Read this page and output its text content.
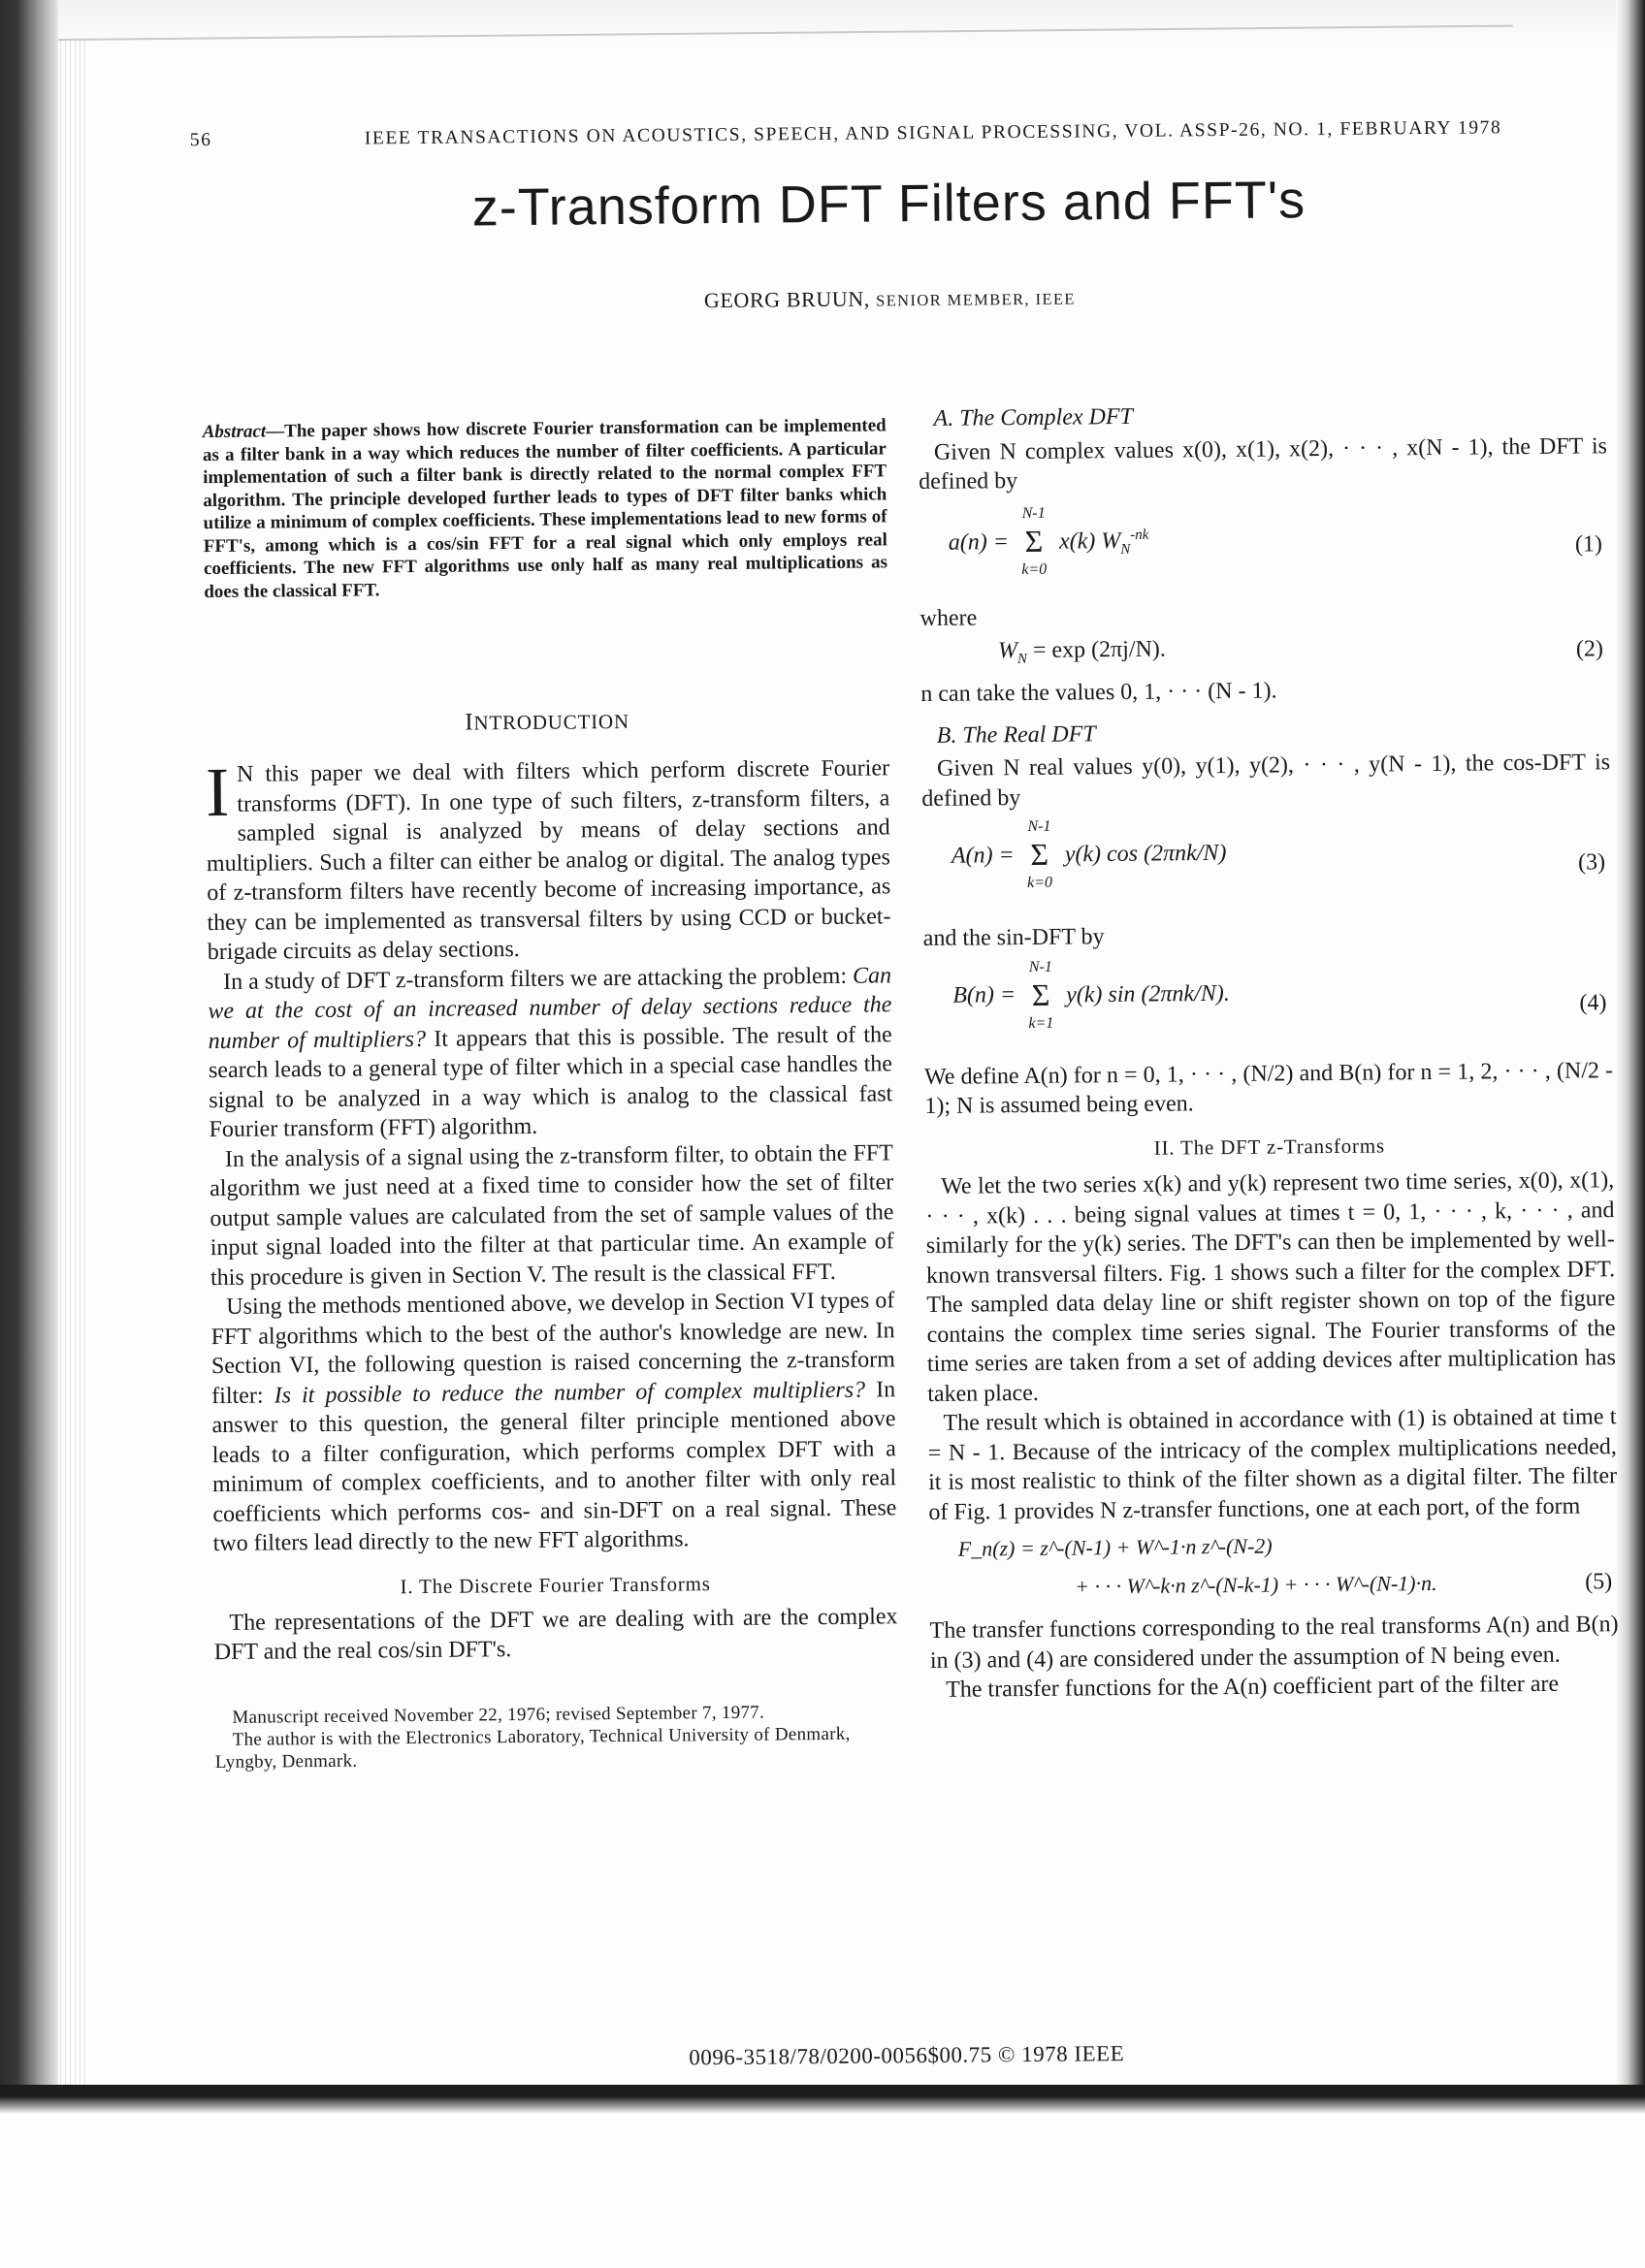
56	IEEE TRANSACTIONS ON ACOUSTICS, SPEECH, AND SIGNAL PROCESSING, VOL. ASSP-26, NO. 1, FEBRUARY 1978
z-Transform DFT Filters and FFT's
GEORG BRUUN, SENIOR MEMBER, IEEE
Abstract—The paper shows how discrete Fourier transformation can be implemented as a filter bank in a way which reduces the number of filter coefficients. A particular implementation of such a filter bank is directly related to the normal complex FFT algorithm. The principle developed further leads to types of DFT filter banks which utilize a minimum of complex coefficients. These implementations lead to new forms of FFT's, among which is a cos/sin FFT for a real signal which only employs real coefficients. The new FFT algorithms use only half as many real multiplications as does the classical FFT.
INTRODUCTION

I N this paper we deal with filters which perform discrete Fourier transforms (DFT). In one type of such filters, z-transform filters, a sampled signal is analyzed by means of delay sections and multipliers. Such a filter can either be analog or digital. The analog types of z-transform filters have recently become of increasing importance, as they can be implemented as transversal filters by using CCD or bucket-brigade circuits as delay sections.

In a study of DFT z-transform filters we are attacking the problem: Can we at the cost of an increased number of delay sections reduce the number of multipliers? It appears that this is possible. The result of the search leads to a general type of filter which in a special case handles the signal to be analyzed in a way which is analog to the classical fast Fourier transform (FFT) algorithm.

In the analysis of a signal using the z-transform filter, to obtain the FFT algorithm we just need at a fixed time to consider how the set of filter output sample values are calculated from the set of sample values of the input signal loaded into the filter at that particular time. An example of this procedure is given in Section V. The result is the classical FFT.

Using the methods mentioned above, we develop in Section VI types of FFT algorithms which to the best of the author's knowledge are new. In Section VI, the following question is raised concerning the z-transform filter: Is it possible to reduce the number of complex multipliers? In answer to this question, the general filter principle mentioned above leads to a filter configuration, which performs complex DFT with a minimum of complex coefficients, and to another filter with only real coefficients which performs cos- and sin-DFT on a real signal. These two filters lead directly to the new FFT algorithms.

I. The Discrete Fourier Transforms

The representations of the DFT we are dealing with are the complex DFT and the real cos/sin DFT's.

Manuscript received November 22, 1976; revised September 7, 1977.

The author is with the Electronics Laboratory, Technical University of Denmark, Lyngby, Denmark.

A. The Complex DFT

Given N complex values x(0), x(1), x(2), · · · , x(N - 1), the DFT is defined by

a(n) =
N-1
Σ
k=0
x(k) $W_N^{-nk}$	(1)

where

$W_N = \exp (2\pi j/N)$.	(2)

n can take the values 0, 1, · · · (N - 1).

B. The Real DFT

Given N real values y(0), y(1), y(2), · · · , y(N - 1), the cos-DFT is defined by

A(n) =
N-1
Σ
k=0
y(k) cos (2πnk/N)	(3)

and the sin-DFT by

B(n) =
N-1
Σ
k=1
y(k) sin (2πnk/N).	(4)

We define A(n) for n = 0, 1, · · · , (N/2) and B(n) for n = 1, 2, · · · , (N/2 - 1); N is assumed being even.

II. The DFT z-Transforms

We let the two series x(k) and y(k) represent two time series, x(0), x(1), · · · , x(k) . . . being signal values at times t = 0, 1, · · · , k, · · · , and similarly for the y(k) series. The DFT's can then be implemented by well-known transversal filters. Fig. 1 shows such a filter for the complex DFT. The sampled data delay line or shift register shown on top of the figure contains the complex time series signal. The Fourier transforms of the time series are taken from a set of adding devices after multiplication has taken place.

The result which is obtained in accordance with (1) is obtained at time t = N - 1. Because of the intricacy of the complex multiplications needed, it is most realistic to think of the filter shown as a digital filter. The filter of Fig. 1 provides N z-transfer functions, one at each port, of the form

F_n(z) = z^-(N-1) + W^-1·n z^-(N-2)
+ · · · W^-k·n z^-(N-k-1) + · · · W^-(N-1)·n.	(5)

The transfer functions corresponding to the real transforms A(n) and B(n) in (3) and (4) are considered under the assumption of N being even.

The transfer functions for the A(n) coefficient part of the filter are

0096-3518/78/0200-0056$00.75 © 1978 IEEE
